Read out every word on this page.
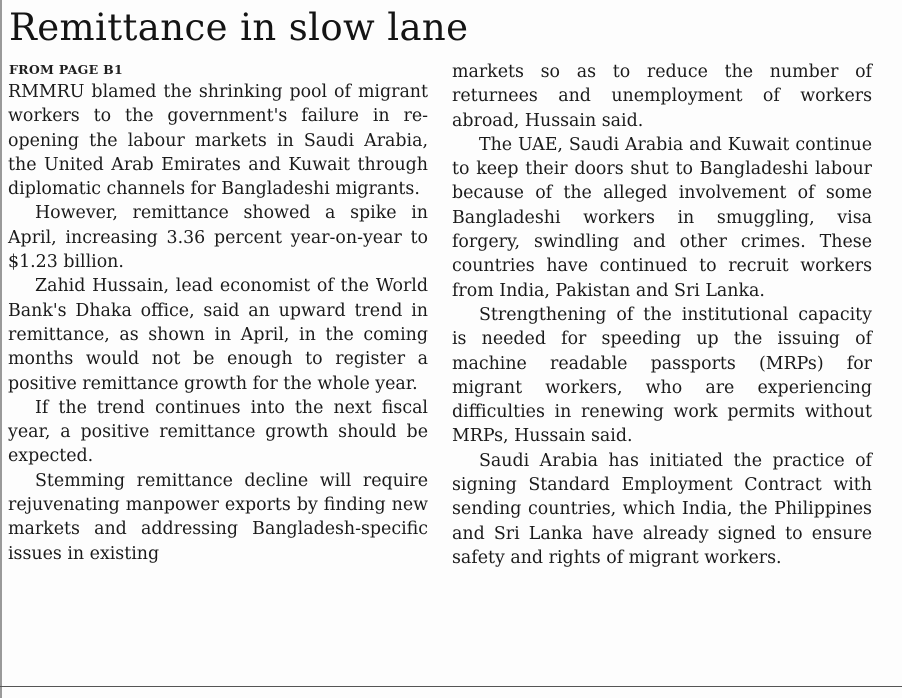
Remittance in slow lane
FROM PAGE B1

RMMRU blamed the shrinking pool of migrant workers to the government's failure in re-opening the labour markets in Saudi Arabia, the United Arab Emirates and Kuwait through diplomatic channels for Bangladeshi migrants.

However, remittance showed a spike in April, increasing 3.36 percent year-on-year to $1.23 billion.

Zahid Hussain, lead economist of the World Bank's Dhaka office, said an upward trend in remittance, as shown in April, in the coming months would not be enough to register a positive remittance growth for the whole year.

If the trend continues into the next fiscal year, a positive remittance growth should be expected.

Stemming remittance decline will require rejuvenating manpower exports by finding new markets and addressing Bangladesh-specific issues in existing

markets so as to reduce the number of returnees and unemployment of workers abroad, Hussain said.

The UAE, Saudi Arabia and Kuwait continue to keep their doors shut to Bangladeshi labour because of the alleged involvement of some Bangladeshi workers in smuggling, visa forgery, swindling and other crimes. These countries have continued to recruit workers from India, Pakistan and Sri Lanka.

Strengthening of the institutional capacity is needed for speeding up the issuing of machine readable passports (MRPs) for migrant workers, who are experiencing difficulties in renewing work permits without MRPs, Hussain said.

Saudi Arabia has initiated the practice of signing Standard Employment Contract with sending countries, which India, the Philippines and Sri Lanka have already signed to ensure safety and rights of migrant workers.
